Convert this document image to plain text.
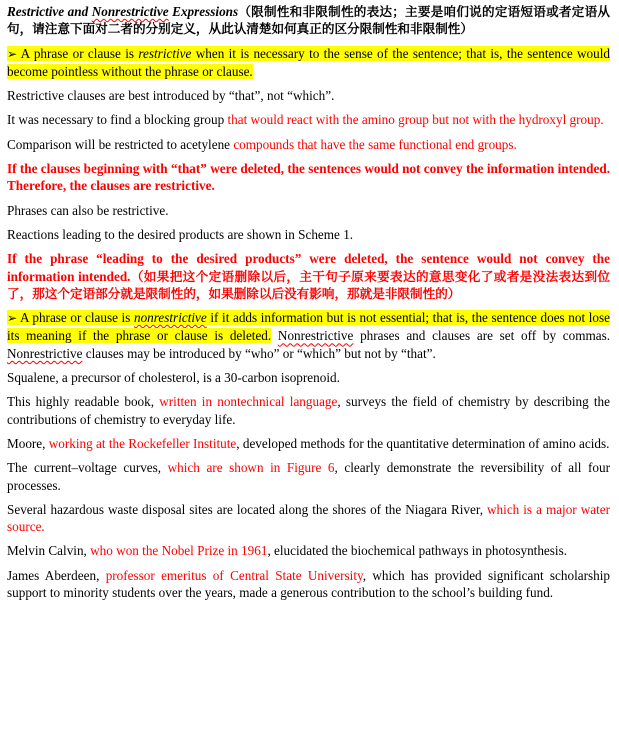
Restrictive and Nonrestrictive Expressions（限制性和非限制性的表达；主要是咱们说的定语短语或者定语从句，请注意下面对二者的分别定义，从此认清楚如何真正的区分限制性和非限制性）

➢ A phrase or clause is restrictive when it is necessary to the sense of the sentence; that is, the sentence would become pointless without the phrase or clause.

Restrictive clauses are best introduced by “that”, not “which”.

It was necessary to find a blocking group that would react with the amino group but not with the hydroxyl group.

Comparison will be restricted to acetylene compounds that have the same functional end groups.

If the clauses beginning with “that” were deleted, the sentences would not convey the information intended. Therefore, the clauses are restrictive.

Phrases can also be restrictive.

Reactions leading to the desired products are shown in Scheme 1.

If the phrase “leading to the desired products” were deleted, the sentence would not convey the information intended.（如果把这个定语删除以后，主干句子原来要表达的意思变化了或者是没法表达到位了，那这个定语部分就是限制性的，如果删除以后没有影响，那就是非限制性的）

➢ A phrase or clause is nonrestrictive if it adds information but is not essential; that is, the sentence does not lose its meaning if the phrase or clause is deleted. Nonrestrictive phrases and clauses are set off by commas. Nonrestrictive clauses may be introduced by “who” or “which” but not by “that”.

Squalene, a precursor of cholesterol, is a 30-carbon isoprenoid.

This highly readable book, written in nontechnical language, surveys the field of chemistry by describing the contributions of chemistry to everyday life.

Moore, working at the Rockefeller Institute, developed methods for the quantitative determination of amino acids.

The current–voltage curves, which are shown in Figure 6, clearly demonstrate the reversibility of all four processes.

Several hazardous waste disposal sites are located along the shores of the Niagara River, which is a major water source.

Melvin Calvin, who won the Nobel Prize in 1961, elucidated the biochemical pathways in photosynthesis.

James Aberdeen, professor emeritus of Central State University, which has provided significant scholarship support to minority students over the years, made a generous contribution to the school’s building fund.
